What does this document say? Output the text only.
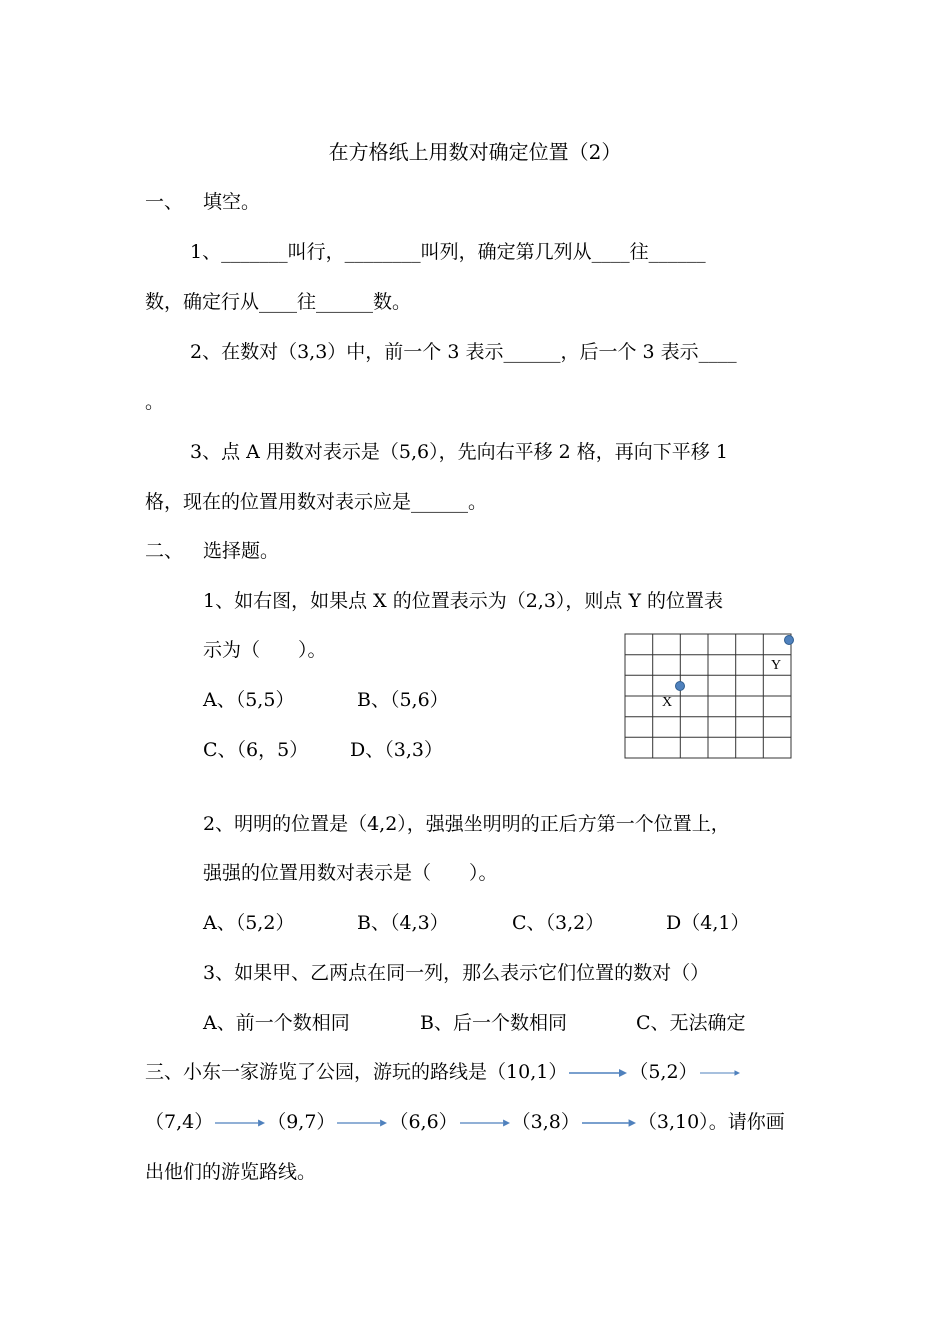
在方格纸上用数对确定位置（2）
一、 填空。
1、_______叫行，________叫列，确定第几列从____往______
数，确定行从____往______数。
2、在数对（3,3）中，前一个 3 表示______，后一个 3 表示____
。
3、点 A 用数对表示是（5,6），先向右平移 2 格，再向下平移 1
格，现在的位置用数对表示应是______。
二、 选择题。
1、如右图，如果点 X 的位置表示为（2,3），则点 Y 的位置表
示为（　　）。
A、（5,5）	B、（5,6）
C、（6，5） D、（3,3）
X
Y
2、明明的位置是（4,2），强强坐明明的正后方第一个位置上，
强强的位置用数对表示是（　　）。
A、（5,2）	B、（4,3）	C、（3,2）	D（4,1）
3、如果甲、乙两点在同一列，那么表示它们位置的数对（）
A、前一个数相同	B、后一个数相同	C、无法确定
三、小东一家游览了公园，游玩的路线是（10,1）	（5,2）
（7,4）	（9,7）	（6,6）	（3,8）	（3,10）。请你画
出他们的游览路线。
